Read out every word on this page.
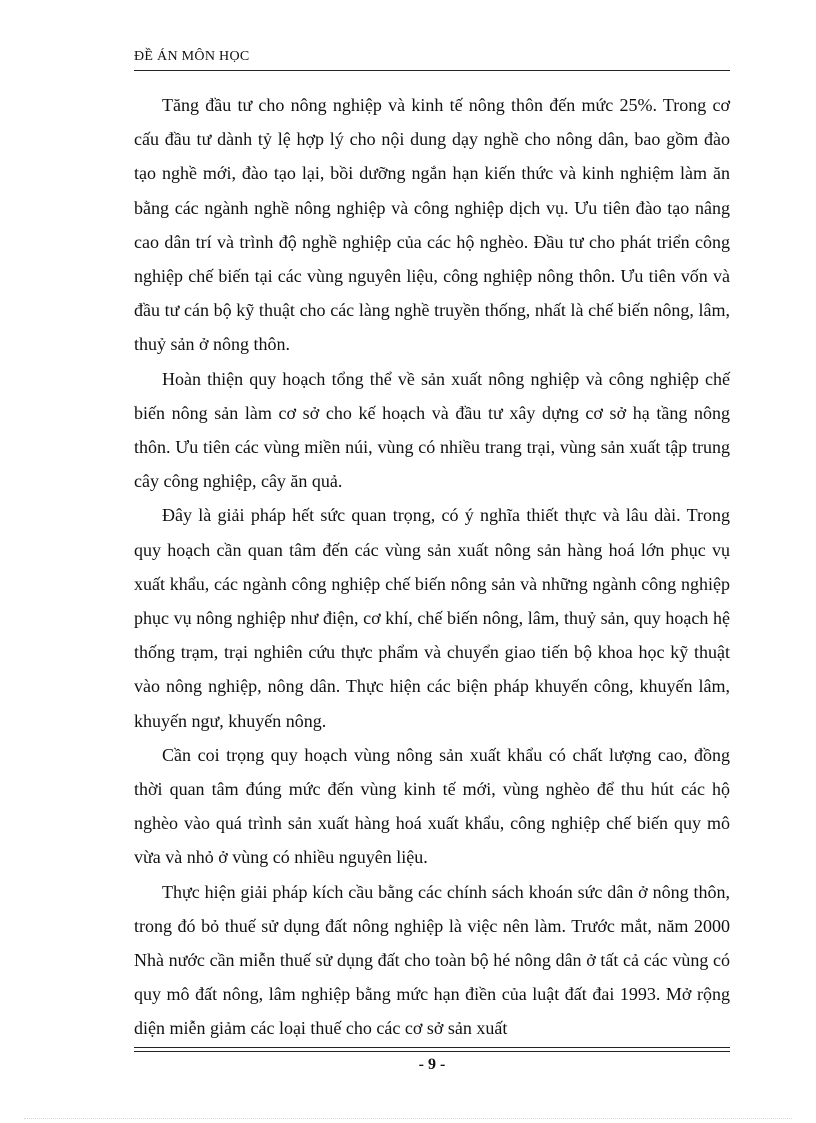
ĐỀ ÁN MÔN HỌC

Tăng đầu tư cho nông nghiệp và kinh tế nông thôn đến mức 25%. Trong cơ cấu đầu tư dành tỷ lệ hợp lý cho nội dung dạy nghề cho nông dân, bao gồm đào tạo nghề mới, đào tạo lại, bồi dưỡng ngắn hạn kiến thức và kinh nghiệm làm ăn bằng các ngành nghề nông nghiệp và công nghiệp dịch vụ. Ưu tiên đào tạo nâng cao dân trí và trình độ nghề nghiệp của các hộ nghèo. Đầu tư cho phát triển công nghiệp chế biến tại các vùng nguyên liệu, công nghiệp nông thôn. Ưu tiên vốn và đầu tư cán bộ kỹ thuật cho các làng nghề truyền thống, nhất là chế biến nông, lâm, thuỷ sản ở nông thôn.

Hoàn thiện quy hoạch tổng thể về sản xuất nông nghiệp và công nghiệp chế biến nông sản làm cơ sở cho kế hoạch và đầu tư xây dựng cơ sở hạ tầng nông thôn. Ưu tiên các vùng miền núi, vùng có nhiều trang trại, vùng sản xuất tập trung cây công nghiệp, cây ăn quả.

Đây là giải pháp hết sức quan trọng, có ý nghĩa thiết thực và lâu dài. Trong quy hoạch cần quan tâm đến các vùng sản xuất nông sản hàng hoá lớn phục vụ xuất khẩu, các ngành công nghiệp chế biến nông sản và những ngành công nghiệp phục vụ nông nghiệp như điện, cơ khí, chế biến nông, lâm, thuỷ sản, quy hoạch hệ thống trạm, trại nghiên cứu thực phẩm và chuyển giao tiến bộ khoa học kỹ thuật vào nông nghiệp, nông dân. Thực hiện các biện pháp khuyến công, khuyến lâm, khuyến ngư, khuyến nông.

Cần coi trọng quy hoạch vùng nông sản xuất khẩu có chất lượng cao, đồng thời quan tâm đúng mức đến vùng kinh tế mới, vùng nghèo để thu hút các hộ nghèo vào quá trình sản xuất hàng hoá xuất khẩu, công nghiệp chế biến quy mô vừa và nhỏ ở vùng có nhiều nguyên liệu.

Thực hiện giải pháp kích cầu bằng các chính sách khoán sức dân ở nông thôn, trong đó bỏ thuế sử dụng đất nông nghiệp là việc nên làm. Trước mắt, năm 2000 Nhà nước cần miễn thuế sử dụng đất cho toàn bộ hé nông dân ở tất cả các vùng có quy mô đất nông, lâm nghiệp bằng mức hạn điền của luật đất đai 1993. Mở rộng diện miễn giảm các loại thuế cho các cơ sở sản xuất

- 9 -
